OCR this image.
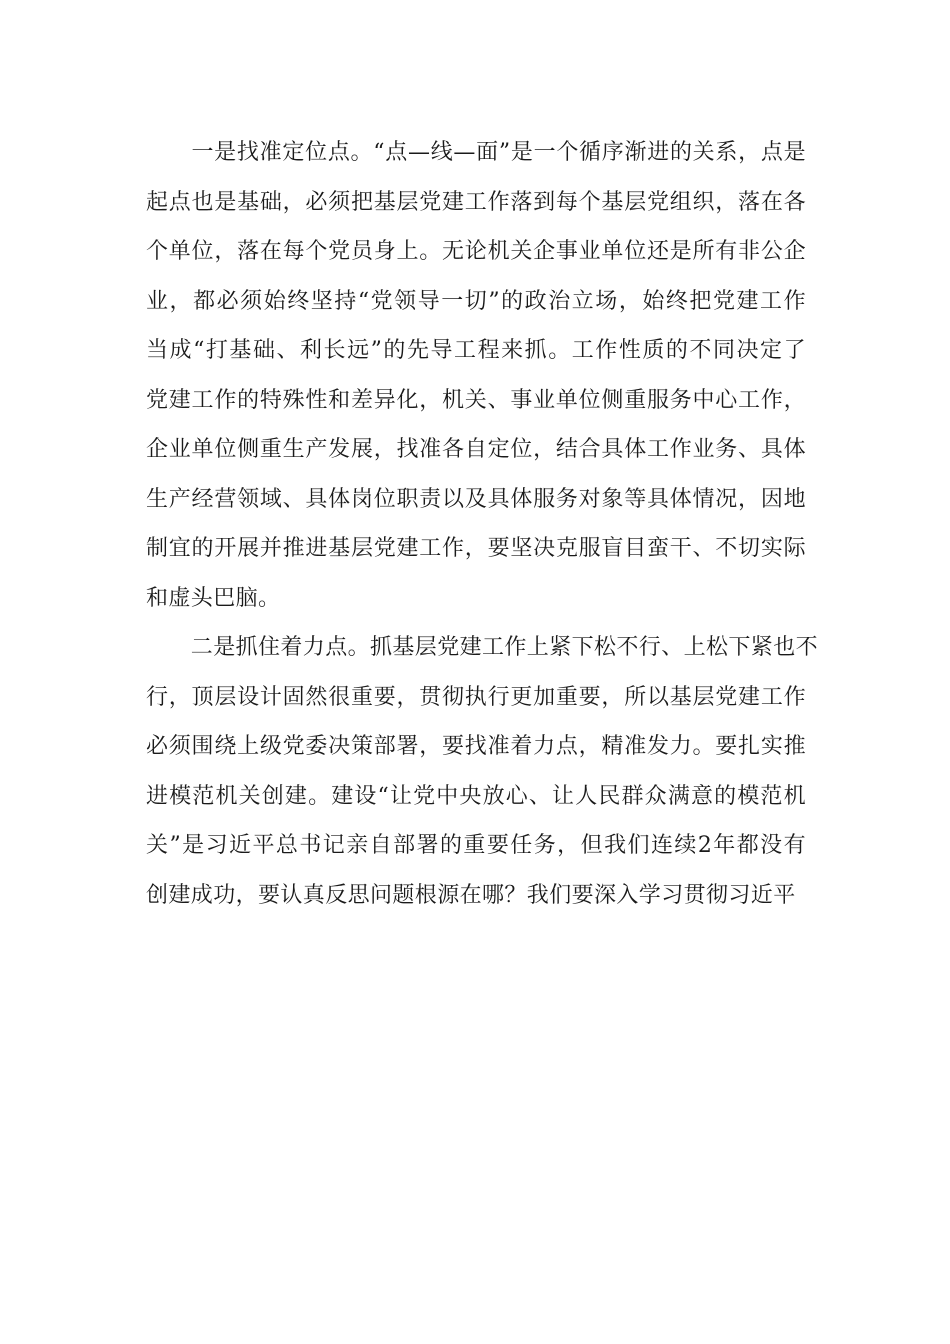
　　一是找准定位点。“点—线—面”是一个循序渐进的关系，点是
起点也是基础，必须把基层党建工作落到每个基层党组织，落在各
个单位，落在每个党员身上。无论机关企事业单位还是所有非公企
业，都必须始终坚持“党领导一切”的政治立场，始终把党建工作
当成“打基础、利长远”的先导工程来抓。工作性质的不同决定了
党建工作的特殊性和差异化，机关、事业单位侧重服务中心工作，
企业单位侧重生产发展，找准各自定位，结合具体工作业务、具体
生产经营领域、具体岗位职责以及具体服务对象等具体情况，因地
制宜的开展并推进基层党建工作，要坚决克服盲目蛮干、不切实际
和虚头巴脑。
　　二是抓住着力点。抓基层党建工作上紧下松不行、上松下紧也不
行，顶层设计固然很重要，贯彻执行更加重要，所以基层党建工作
必须围绕上级党委决策部署，要找准着力点，精准发力。要扎实推
进模范机关创建。建设“让党中央放心、让人民群众满意的模范机
关”是习近平总书记亲自部署的重要任务，但我们连续2年都没有
创建成功，要认真反思问题根源在哪？我们要深入学习贯彻习近平
